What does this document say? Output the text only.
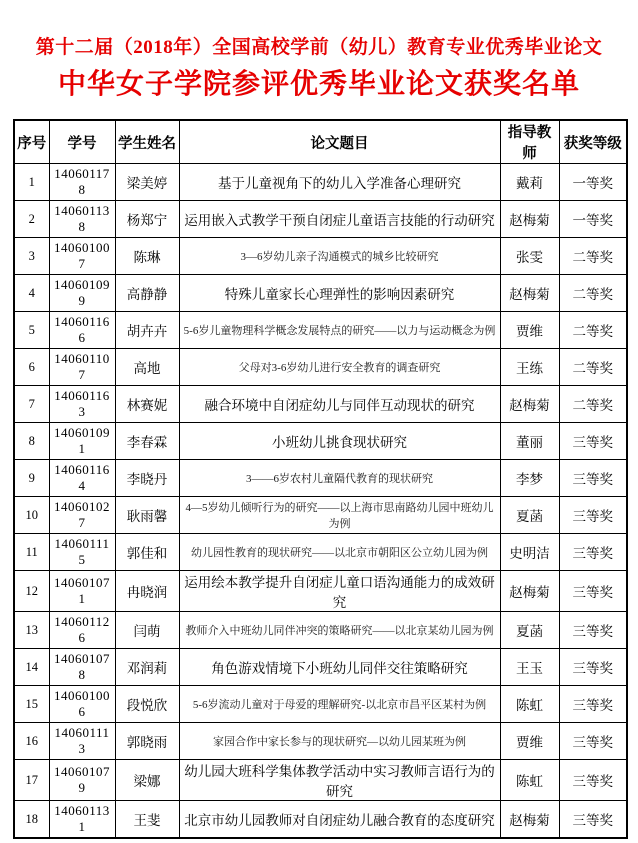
第十二届（2018年）全国高校学前（幼儿）教育专业优秀毕业论文
中华女子学院参评优秀毕业论文获奖名单
序号	学号	学生姓名	论文题目	指导教师	获奖等级
1	140601178	梁美婷	基于儿童视角下的幼儿入学准备心理研究	戴莉	一等奖
2	140601138	杨郑宁	运用嵌入式教学干预自闭症儿童语言技能的行动研究	赵梅菊	一等奖
3	140601007	陈琳	3—6岁幼儿亲子沟通模式的城乡比较研究	张雯	二等奖
4	140601099	高静静	特殊儿童家长心理弹性的影响因素研究	赵梅菊	二等奖
5	140601166	胡卉卉	5-6岁儿童物理科学概念发展特点的研究——以力与运动概念为例	贾维	二等奖
6	140601107	高地	父母对3-6岁幼儿进行安全教育的调查研究	王练	二等奖
7	140601163	林赛妮	融合环境中自闭症幼儿与同伴互动现状的研究	赵梅菊	二等奖
8	140601091	李春霖	小班幼儿挑食现状研究	董丽	三等奖
9	140601164	李晓丹	3——6岁农村儿童隔代教育的现状研究	李梦	三等奖
10	140601027	耿雨馨	4—5岁幼儿倾听行为的研究——以上海市思南路幼儿园中班幼儿为例	夏菡	三等奖
11	140601115	郭佳和	幼儿园性教育的现状研究——以北京市朝阳区公立幼儿园为例	史明洁	三等奖
12	140601071	冉晓润	运用绘本教学提升自闭症儿童口语沟通能力的成效研究	赵梅菊	三等奖
13	140601126	闫萌	教师介入中班幼儿同伴冲突的策略研究——以北京某幼儿园为例	夏菡	三等奖
14	140601078	邓润莉	角色游戏情境下小班幼儿同伴交往策略研究	王玉	三等奖
15	140601006	段悦欣	5-6岁流动儿童对于母爱的理解研究-以北京市昌平区某村为例	陈虹	三等奖
16	140601113	郭晓雨	家园合作中家长参与的现状研究—以幼儿园某班为例	贾维	三等奖
17	140601079	梁娜	幼儿园大班科学集体教学活动中实习教师言语行为的研究	陈虹	三等奖
18	140601131	王斐	北京市幼儿园教师对自闭症幼儿融合教育的态度研究	赵梅菊	三等奖
